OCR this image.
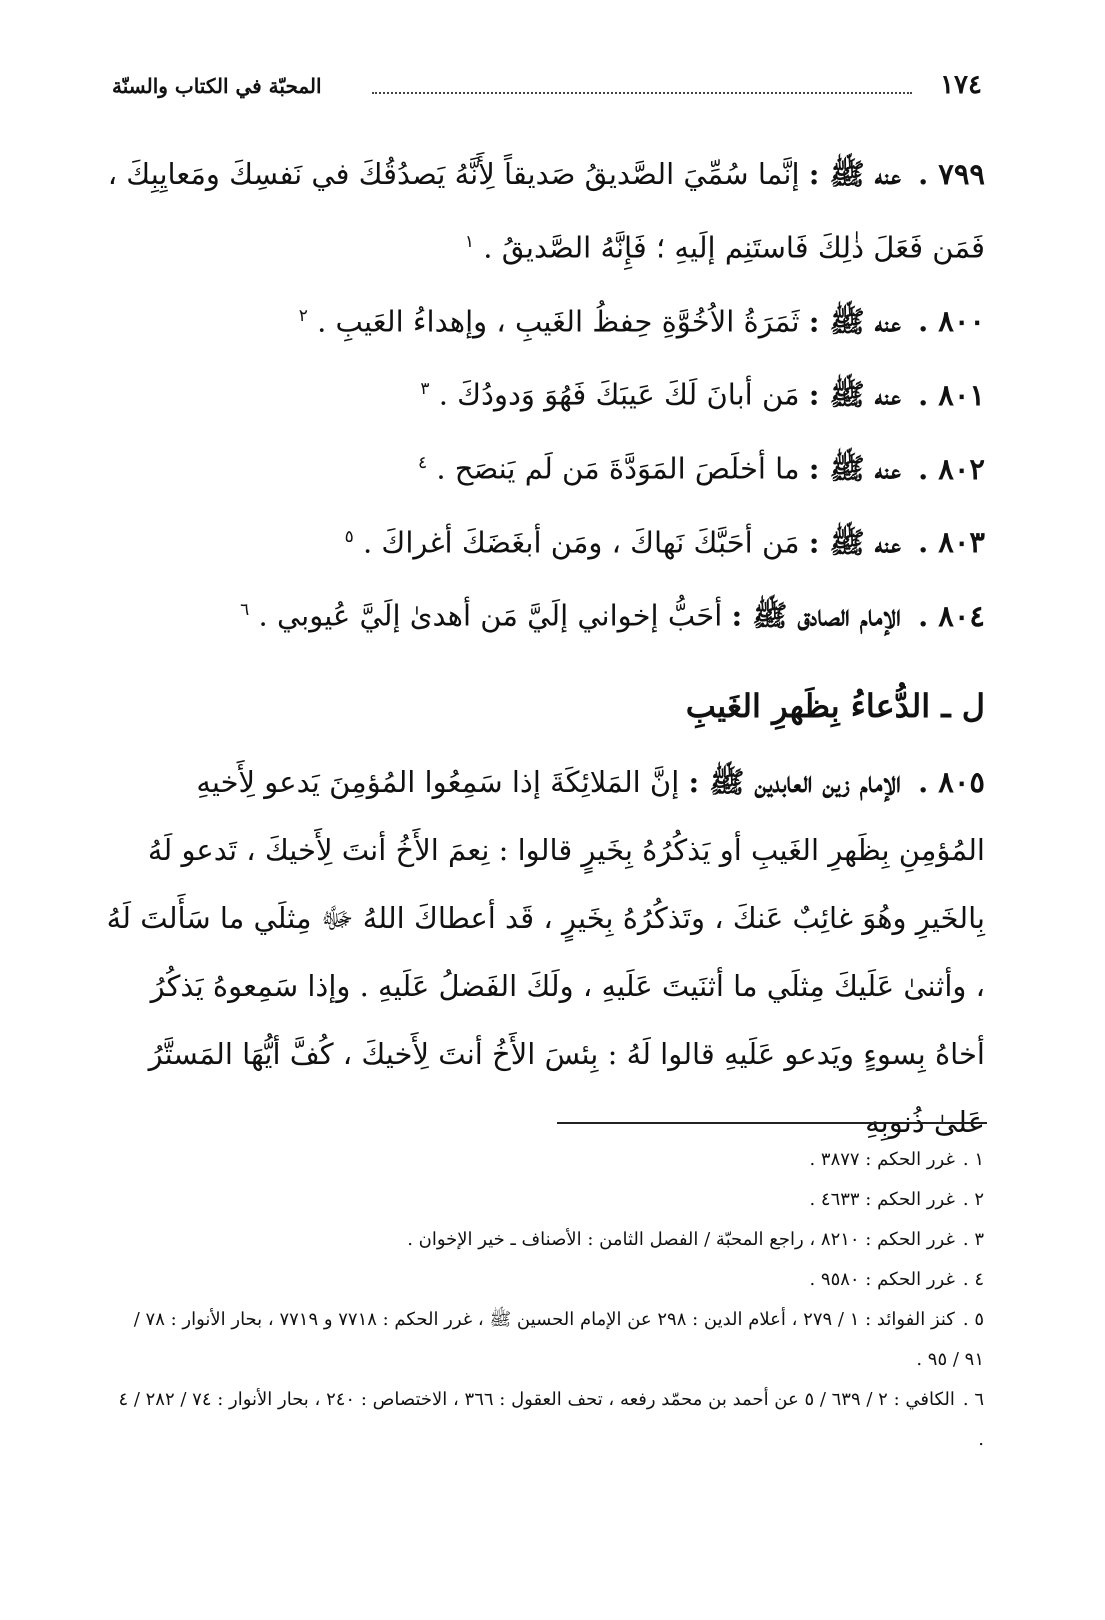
١٧٤
المحبّة في الكتاب والسنّة

٧٩٩ . عنه ﷺ : إنَّما سُمِّيَ الصَّديقُ صَديقاً لِأَنَّهُ يَصدُقُكَ في نَفسِكَ ومَعايِبِكَ ، فَمَن فَعَلَ ذٰلِكَ فَاستَنِم إلَيهِ ؛ فَإِنَّهُ الصَّديقُ . $^١$

٨٠٠ . عنه ﷺ : ثَمَرَةُ الاُخُوَّةِ حِفظُ الغَيبِ ، وإهداءُ العَيبِ . $^٢$

٨٠١ . عنه ﷺ : مَن أبانَ لَكَ عَيبَكَ فَهُوَ وَدودُكَ . $^٣$

٨٠٢ . عنه ﷺ : ما أخلَصَ المَوَدَّةَ مَن لَم يَنصَح . $^٤$

٨٠٣ . عنه ﷺ : مَن أحَبَّكَ نَهاكَ ، ومَن أبغَضَكَ أغراكَ . $^٥$

٨٠٤ . الإمام الصادق ﷺ : أحَبُّ إخواني إلَيَّ مَن أهدىٰ إلَيَّ عُيوبي . $^٦$

ل ـ الدُّعاءُ بِظَهرِ الغَيبِ

٨٠٥ . الإمام زين العابدين ﷺ : إنَّ المَلائِكَةَ إذا سَمِعُوا المُؤمِنَ يَدعو لِأَخيهِ المُؤمِنِ بِظَهرِ الغَيبِ أو يَذكُرُهُ بِخَيرٍ قالوا : نِعمَ الأَخُ أنتَ لِأَخيكَ ، تَدعو لَهُ بِالخَيرِ وهُوَ غائِبٌ عَنكَ ، وتَذكُرُهُ بِخَيرٍ ، قَد أعطاكَ اللهُ ﷻ مِثلَي ما سَأَلتَ لَهُ ، وأثنىٰ عَلَيكَ مِثلَي ما أثنَيتَ عَلَيهِ ، ولَكَ الفَضلُ عَلَيهِ . وإذا سَمِعوهُ يَذكُرُ أخاهُ بِسوءٍ ويَدعو عَلَيهِ قالوا لَهُ : بِئسَ الأَخُ أنتَ لِأَخيكَ ، كُفَّ أيُّهَا المَستَّرُ عَلىٰ ذُنوبِهِ

١ .غرر الحكم : ٣٨٧٧ .

٢ .غرر الحكم : ٤٦٣٣ .

٣ .غرر الحكم : ٨٢١٠ ، راجع المحبّة / الفصل الثامن : الأصناف ـ خير الإخوان .

٤ .غرر الحكم : ٩٥٨٠ .

٥ .كنز الفوائد : ١ / ٢٧٩ ، أعلام الدين : ٢٩٨ عن الإمام الحسين ﷺ ، غرر الحكم : ٧٧١٨ و ٧٧١٩ ، بحار الأنوار : ٧٨ / ٩١ / ٩٥ .

٦ .الكافي : ٢ / ٦٣٩ / ٥ عن أحمد بن محمّد رفعه ، تحف العقول : ٣٦٦ ، الاختصاص : ٢٤٠ ، بحار الأنوار : ٧٤ / ٢٨٢ / ٤ .
